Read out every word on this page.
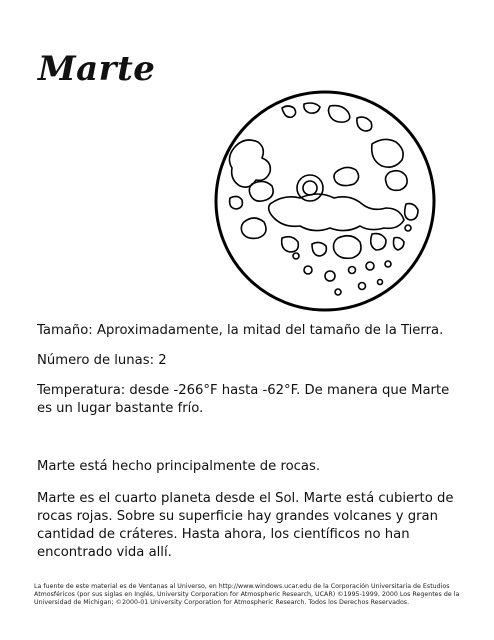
Marte

Tamaño: Aproximadamente, la mitad del tamaño de la Tierra.

Número de lunas: 2

Temperatura: desde -266°F hasta -62°F. De manera que Marte es un lugar bastante frío.

Marte está hecho principalmente de rocas.

Marte es el cuarto planeta desde el Sol. Marte está cubierto de rocas rojas. Sobre su superficie hay grandes volcanes y gran cantidad de cráteres. Hasta ahora, los científicos no han encontrado vida allí.

La fuente de este material es de Ventanas al Universo, en http://www.windows.ucar.edu de la Corporación Universitaria de Estudios Atmosféricos (por sus siglas en Inglés, University Corporation for Atmospheric Research, UCAR) ©1995-1999, 2000 Los Regentes de la Universidad de Michigan; ©2000-01 University Corporation for Atmospheric Research. Todos los Derechos Reservados.
